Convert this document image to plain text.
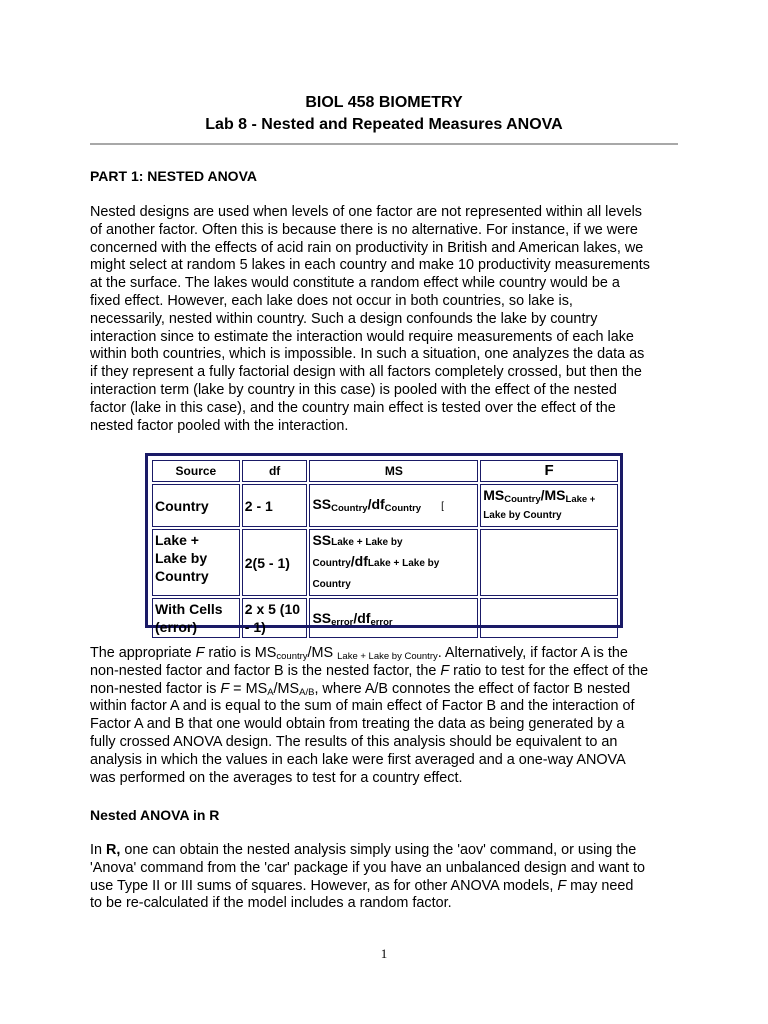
BIOL 458 BIOMETRY
Lab 8 - Nested and Repeated Measures ANOVA
PART 1: NESTED ANOVA
Nested designs are used when levels of one factor are not represented within all levels
of another factor. Often this is because there is no alternative. For instance, if we were
concerned with the effects of acid rain on productivity in British and American lakes, we
might select at random 5 lakes in each country and make 10 productivity measurements
at the surface. The lakes would constitute a random effect while country would be a
fixed effect. However, each lake does not occur in both countries, so lake is,
necessarily, nested within country. Such a design confounds the lake by country
interaction since to estimate the interaction would require measurements of each lake
within both countries, which is impossible. In such a situation, one analyzes the data as
if they represent a fully factorial design with all factors completely crossed, but then the
interaction term (lake by country in this case) is pooled with the effect of the nested
factor (lake in this case), and the country main effect is tested over the effect of the
nested factor pooled with the interaction.
Source	df	MS	F
Country	2 - 1	$SS_{Country}/df_{Country}$ [	$MS_{Country}/MS_{Lake +}$
Lake by Country
Lake +
Lake by
Country	2(5 - 1)	SSLake + Lake by
Country/dfLake + Lake by
Country	
With Cells
(error)	2 x 5 (10
- 1)	$SS_{error}/df_{error}$	
The appropriate F ratio is $MS_{country}/MS$ $_{Lake + Lake by Country}$. Alternatively, if factor A is the
non-nested factor and factor B is the nested factor, the F ratio to test for the effect of the
non-nested factor is $F = MS_A/MS_{A/B}$, where A/B connotes the effect of factor B nested
within factor A and is equal to the sum of main effect of Factor B and the interaction of
Factor A and B that one would obtain from treating the data as being generated by a
fully crossed ANOVA design. The results of this analysis should be equivalent to an
analysis in which the values in each lake were first averaged and a one-way ANOVA
was performed on the averages to test for a country effect.
Nested ANOVA in R
In R, one can obtain the nested analysis simply using the 'aov' command, or using the
'Anova' command from the 'car' package if you have an unbalanced design and want to
use Type II or III sums of squares. However, as for other ANOVA models, F may need
to be re-calculated if the model includes a random factor.
1
